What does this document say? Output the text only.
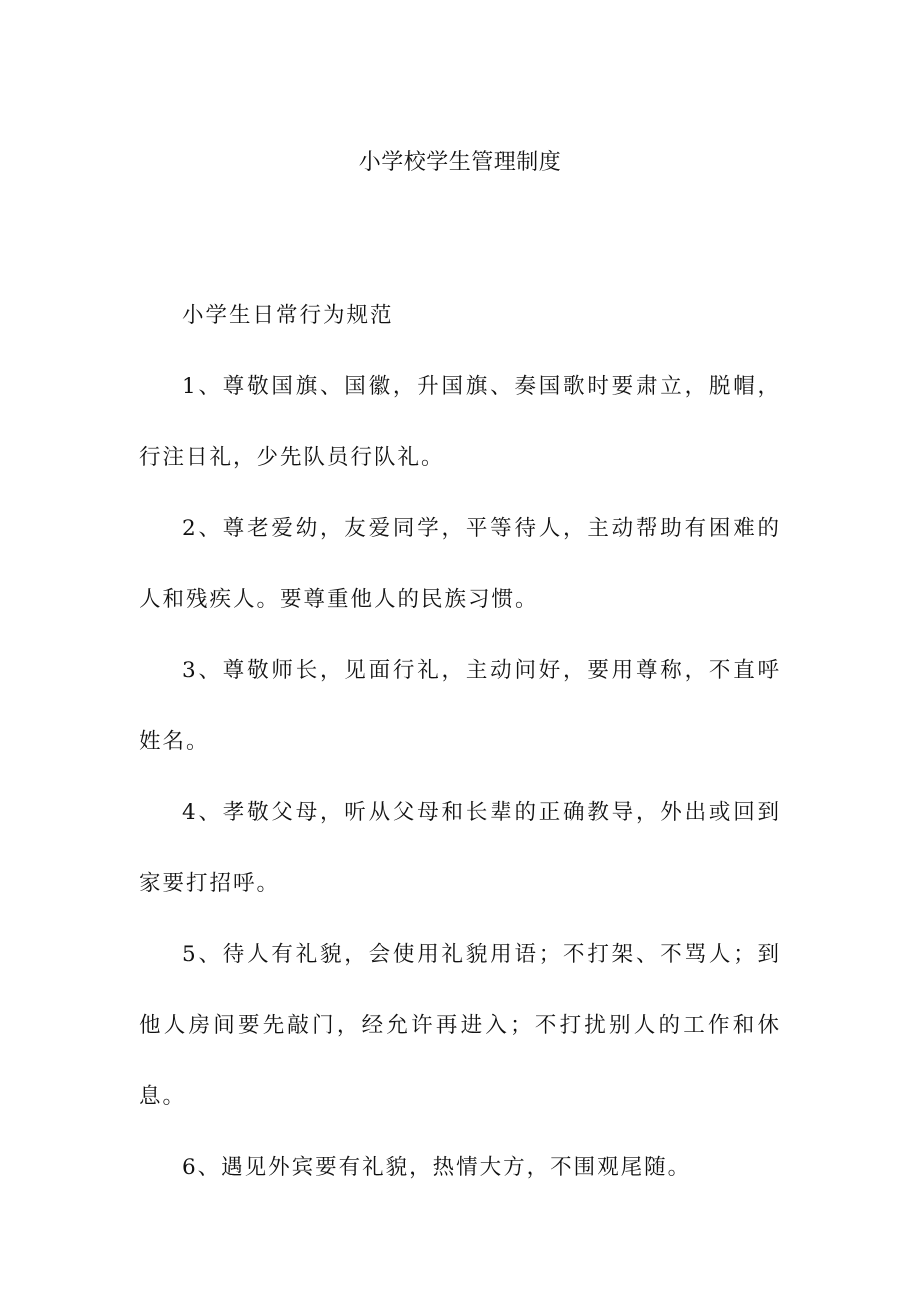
小学校学生管理制度

小学生日常行为规范

1、尊敬国旗、国徽，升国旗、奏国歌时要肃立，脱帽，行注日礼，少先队员行队礼。

2、尊老爱幼，友爱同学，平等待人，主动帮助有困难的人和残疾人。要尊重他人的民族习惯。

3、尊敬师长，见面行礼，主动问好，要用尊称，不直呼姓名。

4、孝敬父母，听从父母和长辈的正确教导，外出或回到家要打招呼。

5、待人有礼貌，会使用礼貌用语；不打架、不骂人；到他人房间要先敲门，经允许再进入；不打扰别人的工作和休息。

6、遇见外宾要有礼貌，热情大方，不围观尾随。
